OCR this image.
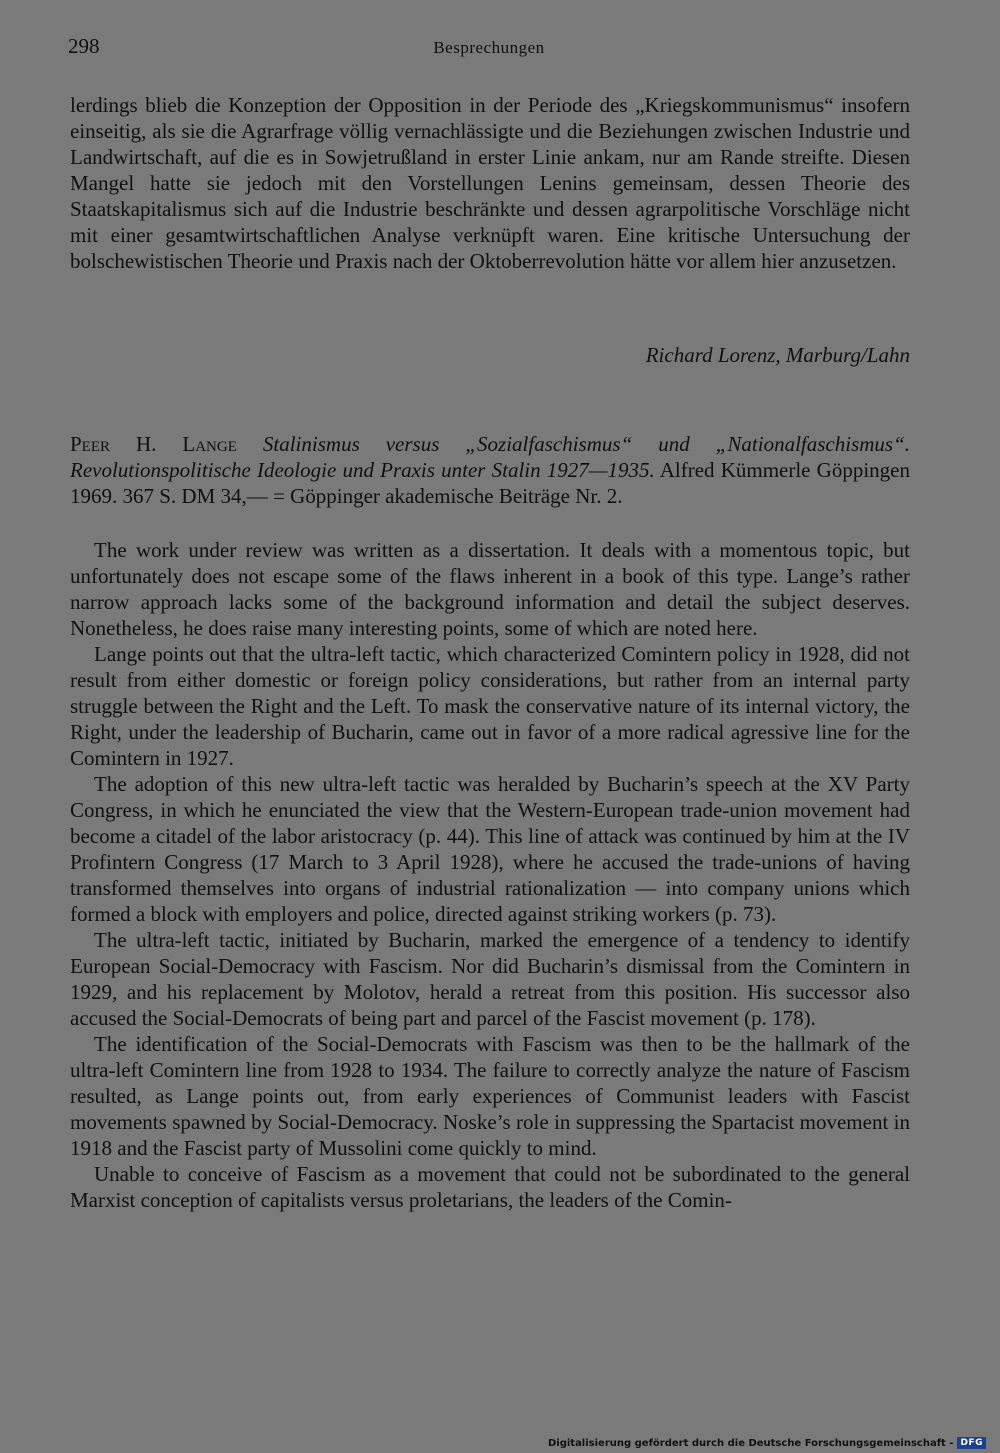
298	Besprechungen

lerdings blieb die Konzeption der Opposition in der Periode des „Kriegskommunismus“ insofern einseitig, als sie die Agrarfrage völlig vernachlässigte und die Beziehungen zwischen Industrie und Landwirtschaft, auf die es in Sowjetrußland in erster Linie ankam, nur am Rande streifte. Diesen Mangel hatte sie jedoch mit den Vorstellungen Lenins gemeinsam, dessen Theorie des Staatskapitalismus sich auf die Industrie beschränkte und dessen agrarpolitische Vorschläge nicht mit einer gesamtwirtschaftlichen Analyse verknüpft waren. Eine kritische Untersuchung der bolschewistischen Theorie und Praxis nach der Oktoberrevolution hätte vor allem hier anzusetzen.

Richard Lorenz, Marburg/Lahn

Peer H. Lange Stalinismus versus „Sozialfaschismus“ und „Nationalfaschismus“. Revolutionspolitische Ideologie und Praxis unter Stalin 1927—1935. Alfred Kümmerle Göppingen 1969. 367 S. DM 34,— = Göppinger akademische Beiträge Nr. 2.

The work under review was written as a dissertation. It deals with a momentous topic, but unfortunately does not escape some of the flaws inherent in a book of this type. Lange’s rather narrow approach lacks some of the background information and detail the subject deserves. Nonetheless, he does raise many interesting points, some of which are noted here.

Lange points out that the ultra-left tactic, which characterized Comintern policy in 1928, did not result from either domestic or foreign policy considerations, but rather from an internal party struggle between the Right and the Left. To mask the conservative nature of its internal victory, the Right, under the leadership of Bucharin, came out in favor of a more radical agressive line for the Comintern in 1927.

The adoption of this new ultra-left tactic was heralded by Bucharin’s speech at the XV Party Congress, in which he enunciated the view that the Western-European trade-union movement had become a citadel of the labor aristocracy (p. 44). This line of attack was continued by him at the IV Profintern Congress (17 March to 3 April 1928), where he accused the trade-unions of having transformed themselves into organs of industrial rationalization — into company unions which formed a block with employers and police, directed against striking workers (p. 73).

The ultra-left tactic, initiated by Bucharin, marked the emergence of a tendency to identify European Social-Democracy with Fascism. Nor did Bucharin’s dismissal from the Comintern in 1929, and his replacement by Molotov, herald a retreat from this position. His successor also accused the Social-Democrats of being part and parcel of the Fascist movement (p. 178).

The identification of the Social-Democrats with Fascism was then to be the hallmark of the ultra-left Comintern line from 1928 to 1934. The failure to correctly analyze the nature of Fascism resulted, as Lange points out, from early experiences of Communist leaders with Fascist movements spawned by Social-Democracy. Noske’s role in suppressing the Spartacist movement in 1918 and the Fascist party of Mussolini come quickly to mind.

Unable to conceive of Fascism as a movement that could not be subordinated to the general Marxist conception of capitalists versus proletarians, the leaders of the Comin-

Digitalisierung gefördert durch die Deutsche Forschungsgemeinschaft - DFG
